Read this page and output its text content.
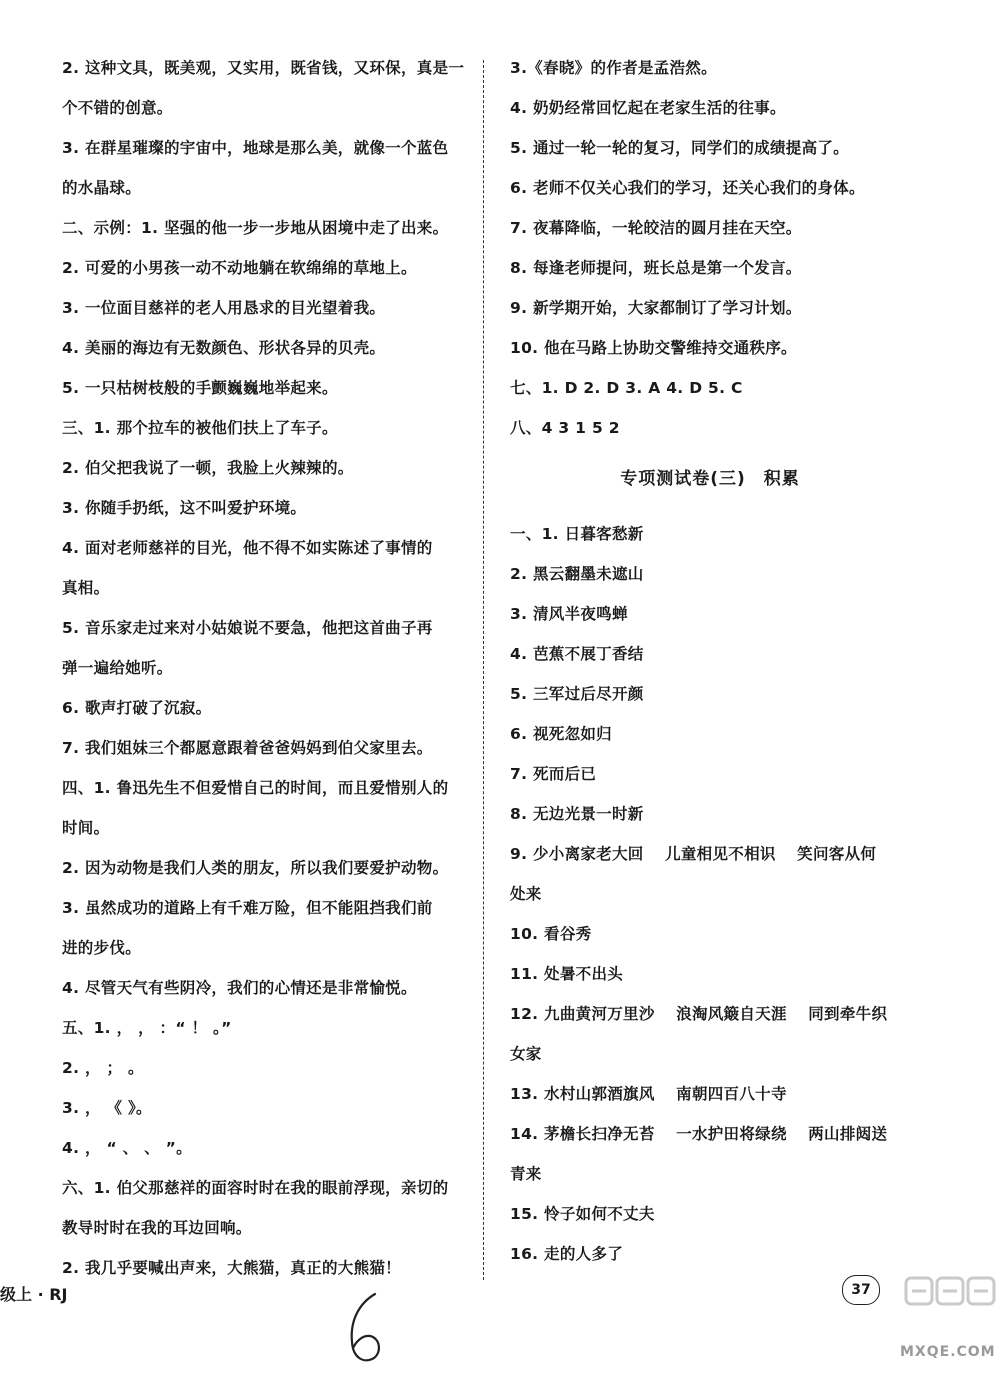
2. 这种文具，既美观，又实用，既省钱，又环保，真是一
个不错的创意。
3. 在群星璀璨的宇宙中，地球是那么美，就像一个蓝色
的水晶球。
二、示例：1. 坚强的他一步一步地从困境中走了出来。
2. 可爱的小男孩一动不动地躺在软绵绵的草地上。
3. 一位面目慈祥的老人用恳求的目光望着我。
4. 美丽的海边有无数颜色、形状各异的贝壳。
5. 一只枯树枝般的手颤巍巍地举起来。
三、1. 那个拉车的被他们扶上了车子。
2. 伯父把我说了一顿，我脸上火辣辣的。
3. 你随手扔纸，这不叫爱护环境。
4. 面对老师慈祥的目光，他不得不如实陈述了事情的
真相。
5. 音乐家走过来对小姑娘说不要急，他把这首曲子再
弹一遍给她听。
6. 歌声打破了沉寂。
7. 我们姐妹三个都愿意跟着爸爸妈妈到伯父家里去。
四、1. 鲁迅先生不但爱惜自己的时间，而且爱惜别人的
时间。
2. 因为动物是我们人类的朋友，所以我们要爱护动物。
3. 虽然成功的道路上有千难万险，但不能阻挡我们前
进的步伐。
4. 尽管天气有些阴冷，我们的心情还是非常愉悦。
五、1. ， ， ：“ ！ 。”
2. ， ； 。
3. ， 《 》。
4. ， “ 、 、 ”。
六、1. 伯父那慈祥的面容时时在我的眼前浮现，亲切的
教导时时在我的耳边回响。
2. 我几乎要喊出声来，大熊猫，真正的大熊猫！
3.《春晓》的作者是孟浩然。
4. 奶奶经常回忆起在老家生活的往事。
5. 通过一轮一轮的复习，同学们的成绩提高了。
6. 老师不仅关心我们的学习，还关心我们的身体。
7. 夜幕降临，一轮皎洁的圆月挂在天空。
8. 每逢老师提问，班长总是第一个发言。
9. 新学期开始，大家都制订了学习计划。
10. 他在马路上协助交警维持交通秩序。
七、1. D 2. D 3. A 4. D 5. C
八、4 3 1 5 2
专项测试卷(三)　积累
一、1. 日暮客愁新
2. 黑云翻墨未遮山
3. 清风半夜鸣蝉
4. 芭蕉不展丁香结
5. 三军过后尽开颜
6. 视死忽如归
7. 死而后已
8. 无边光景一时新
9. 少小离家老大回　 儿童相见不相识　 笑问客从何
处来
10. 看谷秀
11. 处暑不出头
12. 九曲黄河万里沙　 浪淘风簸自天涯　 同到牵牛织
女家
13. 水村山郭酒旗风　 南朝四百八十寺
14. 茅檐长扫净无苔　 一水护田将绿绕　 两山排闼送
青来
15. 怜子如何不丈夫
16. 走的人多了
级上 · RJ	37
MXQE.COM
